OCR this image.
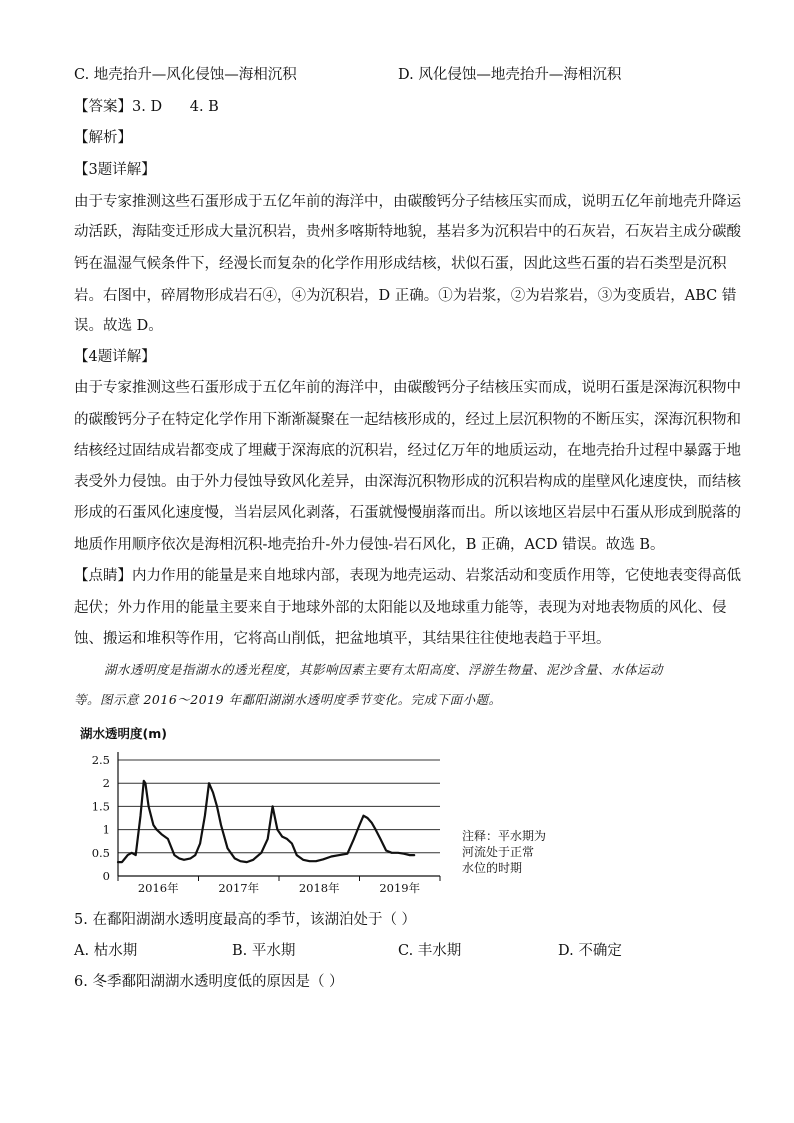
C. 地壳抬升—风化侵蚀—海相沉积	D. 风化侵蚀—地壳抬升—海相沉积
【答案】3. D      4. B
【解析】
【3题详解】
由于专家推测这些石蛋形成于五亿年前的海洋中，由碳酸钙分子结核压实而成，说明五亿年前地壳升降运
动活跃，海陆变迁形成大量沉积岩，贵州多喀斯特地貌，基岩多为沉积岩中的石灰岩，石灰岩主成分碳酸
钙在温湿气候条件下，经漫长而复杂的化学作用形成结核，状似石蛋，因此这些石蛋的岩石类型是沉积
岩。右图中，碎屑物形成岩石④，④为沉积岩，D 正确。①为岩浆，②为岩浆岩，③为变质岩，ABC 错
误。故选 D。
【4题详解】
由于专家推测这些石蛋形成于五亿年前的海洋中，由碳酸钙分子结核压实而成，说明石蛋是深海沉积物中
的碳酸钙分子在特定化学作用下渐渐凝聚在一起结核形成的，经过上层沉积物的不断压实，深海沉积物和
结核经过固结成岩都变成了埋藏于深海底的沉积岩，经过亿万年的地质运动，在地壳抬升过程中暴露于地
表受外力侵蚀。由于外力侵蚀导致风化差异，由深海沉积物形成的沉积岩构成的崖壁风化速度快，而结核
形成的石蛋风化速度慢，当岩层风化剥落，石蛋就慢慢崩落而出。所以该地区岩层中石蛋从形成到脱落的
地质作用顺序依次是海相沉积-地壳抬升-外力侵蚀-岩石风化，B 正确，ACD 错误。故选 B。
【点睛】内力作用的能量是来自地球内部，表现为地壳运动、岩浆活动和变质作用等，它使地表变得高低
起伏；外力作用的能量主要来自于地球外部的太阳能以及地球重力能等，表现为对地表物质的风化、侵
蚀、搬运和堆积等作用，它将高山削低，把盆地填平，其结果往往使地表趋于平坦。
湖水透明度是指湖水的透光程度，其影响因素主要有太阳高度、浮游生物量、泥沙含量、水体运动
等。图示意 2016～2019 年鄱阳湖湖水透明度季节变化。完成下面小题。
湖水透明度(m)
2.5
2
1.5
1
0.5
0
2016年	2017年	2018年	2019年
注释：平水期为
河流处于正常
水位的时期
5. 在鄱阳湖湖水透明度最高的季节，该湖泊处于（ ）
A. 枯水期	B. 平水期	C. 丰水期	D. 不确定
6. 冬季鄱阳湖湖水透明度低的原因是（ ）
